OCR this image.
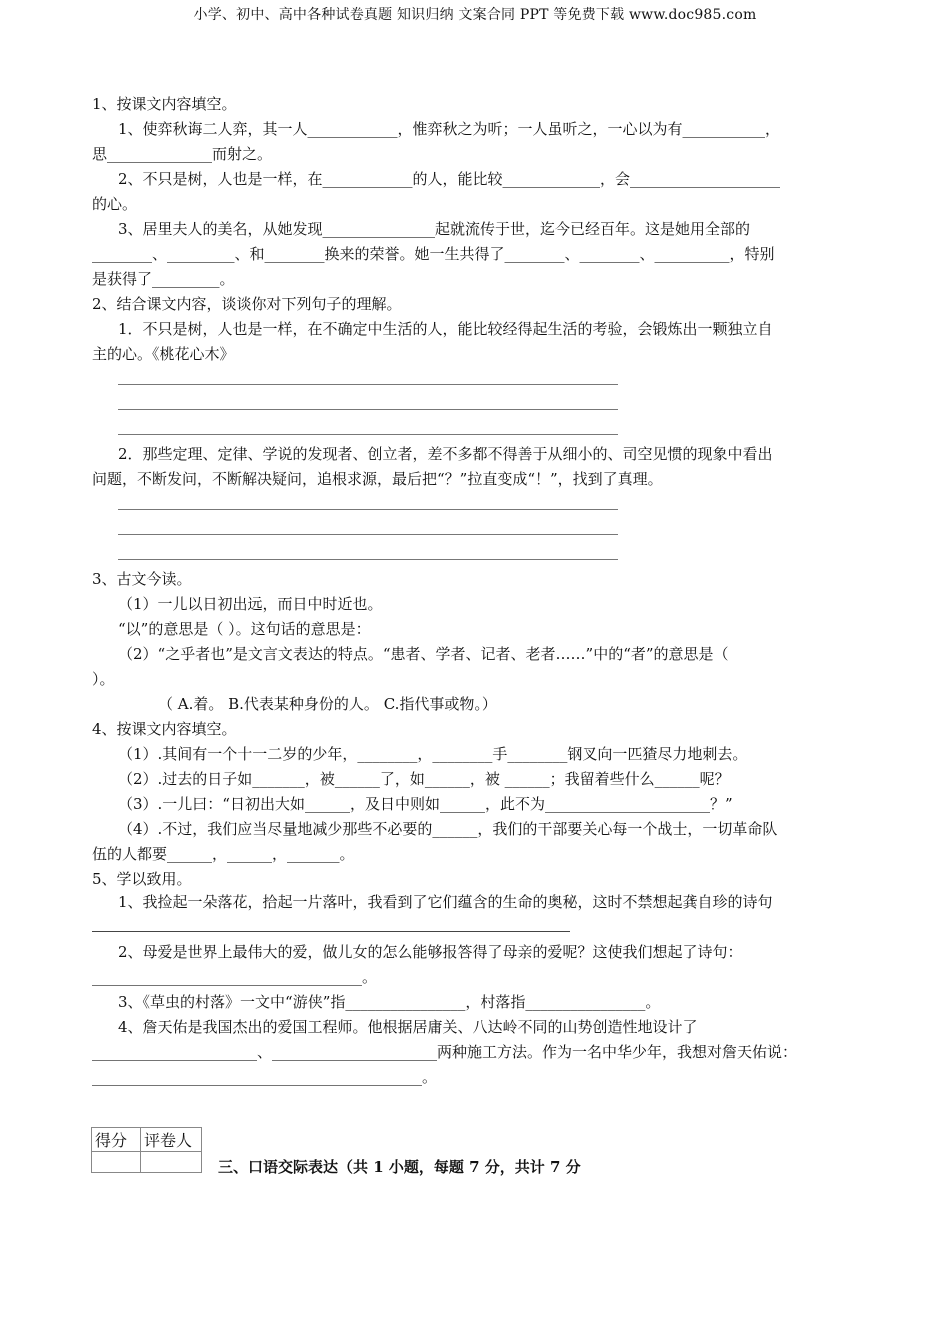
小学、初中、高中各种试卷真题 知识归纳 文案合同 PPT 等免费下载 www.doc985.com
1、按课文内容填空。
1、使弈秋诲二人弈，其一人____________，惟弈秋之为听；一人虽听之，一心以为有___________，
思______________而射之。
2、不只是树，人也是一样，在____________的人，能比较_____________，会____________________
的心。
3、居里夫人的美名，从她发现_______________起就流传于世，迄今已经百年。这是她用全部的
________、_________、和________换来的荣誉。她一生共得了________、________、__________，特别
是获得了_________。
2、结合课文内容，谈谈你对下列句子的理解。
1．不只是树，人也是一样，在不确定中生活的人，能比较经得起生活的考验，会锻炼出一颗独立自
主的心。《桃花心木》
2．那些定理、定律、学说的发现者、创立者，差不多都不得善于从细小的、司空见惯的现象中看出
问题，不断发问，不断解决疑问，追根求源，最后把“？”拉直变成“！”，找到了真理。
3、古文今读。
（1）一儿以日初出远，而日中时近也。
“以”的意思是（ ）。这句话的意思是：
（2）“之乎者也”是文言文表达的特点。“患者、学者、记者、老者……”中的“者”的意思是（
）。
（ A.着。 B.代表某种身份的人。 C.指代事或物。）
4、按课文内容填空。
（1）.其间有一个十一二岁的少年，________，________手________钢叉向一匹猹尽力地刺去。
（2）.过去的日子如_______，被______了，如______，被 ______；我留着些什么______呢？
（3）.一儿曰：“日初出大如______，及日中则如______，此不为______________________？”
（4）.不过，我们应当尽量地减少那些不必要的______，我们的干部要关心每一个战士，一切革命队
伍的人都要______，______，_______。
5、学以致用。
1、我捡起一朵落花，拾起一片落叶，我看到了它们蕴含的生命的奥秘，这时不禁想起龚自珍的诗句
2、母爱是世界上最伟大的爱，做儿女的怎么能够报答得了母亲的爱呢？这使我们想起了诗句：
____________________________________。
3、《草虫的村落》一文中“游侠”指________________，村落指________________。
4、詹天佑是我国杰出的爱国工程师。他根据居庸关、八达岭不同的山势创造性地设计了
______________________、______________________两种施工方法。作为一名中华少年，我想对詹天佑说：
____________________________________________。
得分	评卷人

三、口语交际表达（共 1 小题，每题 7 分，共计 7 分
